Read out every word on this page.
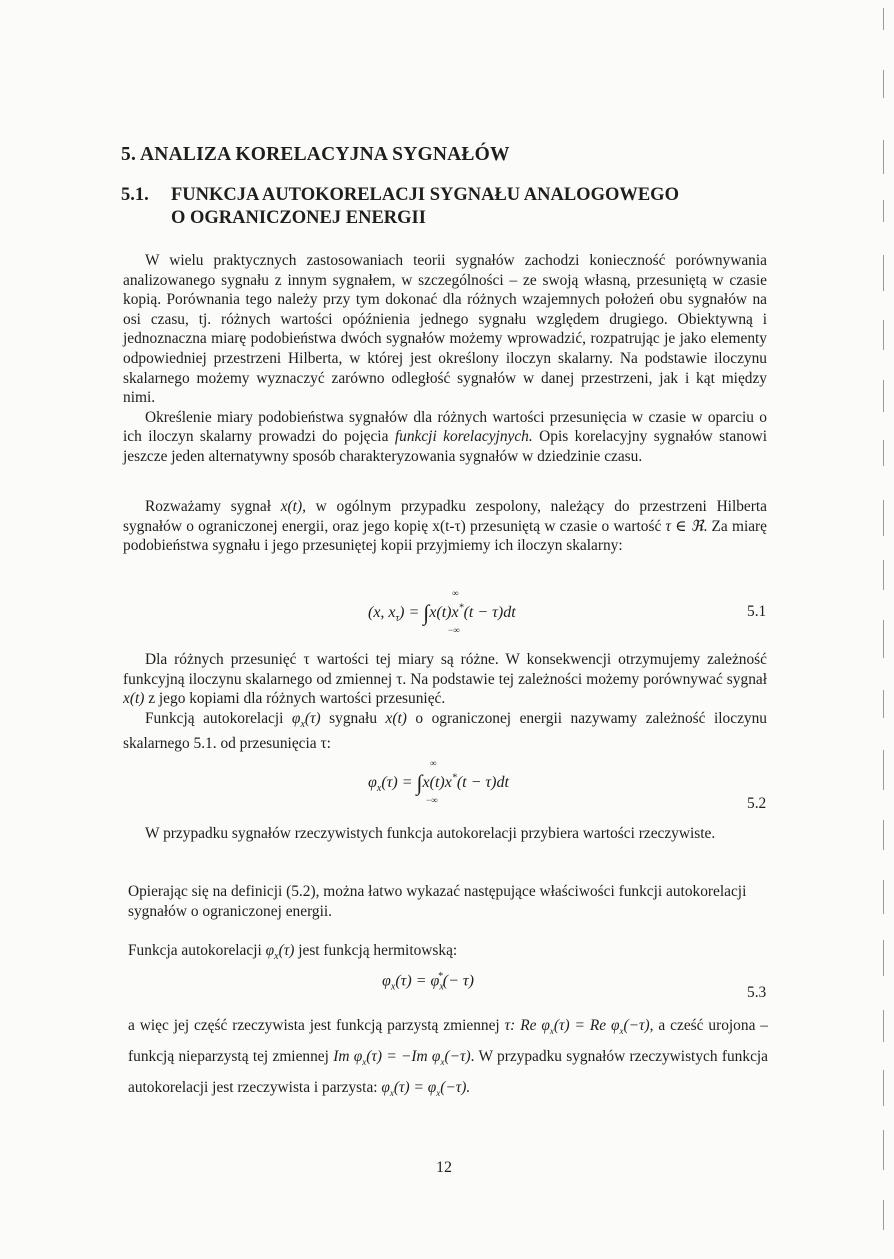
5. ANALIZA KORELACYJNA SYGNAŁÓW
5.1. FUNKCJA AUTOKORELACJI SYGNAŁU ANALOGOWEGO
O OGRANICZONEJ ENERGII

W wielu praktycznych zastosowaniach teorii sygnałów zachodzi konieczność porównywania analizowanego sygnału z innym sygnałem, w szczególności – ze swoją własną, przesuniętą w czasie kopią. Porównania tego należy przy tym dokonać dla różnych wzajemnych położeń obu sygnałów na osi czasu, tj. różnych wartości opóźnienia jednego sygnału względem drugiego. Obiektywną i jednoznaczna miarę podobieństwa dwóch sygnałów możemy wprowadzić, rozpatrując je jako elementy odpowiedniej przestrzeni Hilberta, w której jest określony iloczyn skalarny. Na podstawie iloczynu skalarnego możemy wyznaczyć zarówno odległość sygnałów w danej przestrzeni, jak i kąt między nimi.

Określenie miary podobieństwa sygnałów dla różnych wartości przesunięcia w czasie w oparciu o ich iloczyn skalarny prowadzi do pojęcia funkcji korelacyjnych. Opis korelacyjny sygnałów stanowi jeszcze jeden alternatywny sposób charakteryzowania sygnałów w dziedzinie czasu.

Rozważamy sygnał x(t), w ogólnym przypadku zespolony, należący do przestrzeni Hilberta sygnałów o ograniczonej energii, oraz jego kopię x(t-τ) przesuniętą w czasie o wartość τ ∈ ℜ. Za miarę podobieństwa sygnału i jego przesuniętej kopii przyjmiemy ich iloczyn skalarny:

(x, $x_\tau) = \int x(t)x^*(t - \tau)dt$
∞
−∞
5.1

Dla różnych przesunięć τ wartości tej miary są różne. W konsekwencji otrzymujemy zależność funkcyjną iloczynu skalarnego od zmiennej τ. Na podstawie tej zależności możemy porównywać sygnał x(t) z jego kopiami dla różnych wartości przesunięć.

Funkcją autokorelacji $\varphi_x(\tau)$ sygnału x(t) o ograniczonej energii nazywamy zależność iloczynu skalarnego 5.1. od przesunięcia τ:

$\varphi_x(\tau) = \int x(t)x^*(t - \tau)dt$
∞
−∞	5.2

W przypadku sygnałów rzeczywistych funkcja autokorelacji przybiera wartości rzeczywiste.

Opierając się na definicji (5.2), można łatwo wykazać następujące właściwości funkcji autokorelacji sygnałów o ograniczonej energii.

Funkcja autokorelacji $\varphi_x(\tau)$ jest funkcją hermitowską:

$\varphi_x(\tau) = \varphi_x^*(- \tau)$
5.3

a więc jej część rzeczywista jest funkcją parzystą zmiennej τ: Re $\varphi_x(\tau) = Re$ $\varphi_x(-\tau)$, a cześć urojona – funkcją nieparzystą tej zmiennej Im $\varphi_x(\tau) = -Im$ $\varphi_x(-\tau)$. W przypadku sygnałów rzeczywistych funkcja autokorelacji jest rzeczywista i parzysta: $\varphi_x(\tau) = \varphi_x(-\tau)$.

12
